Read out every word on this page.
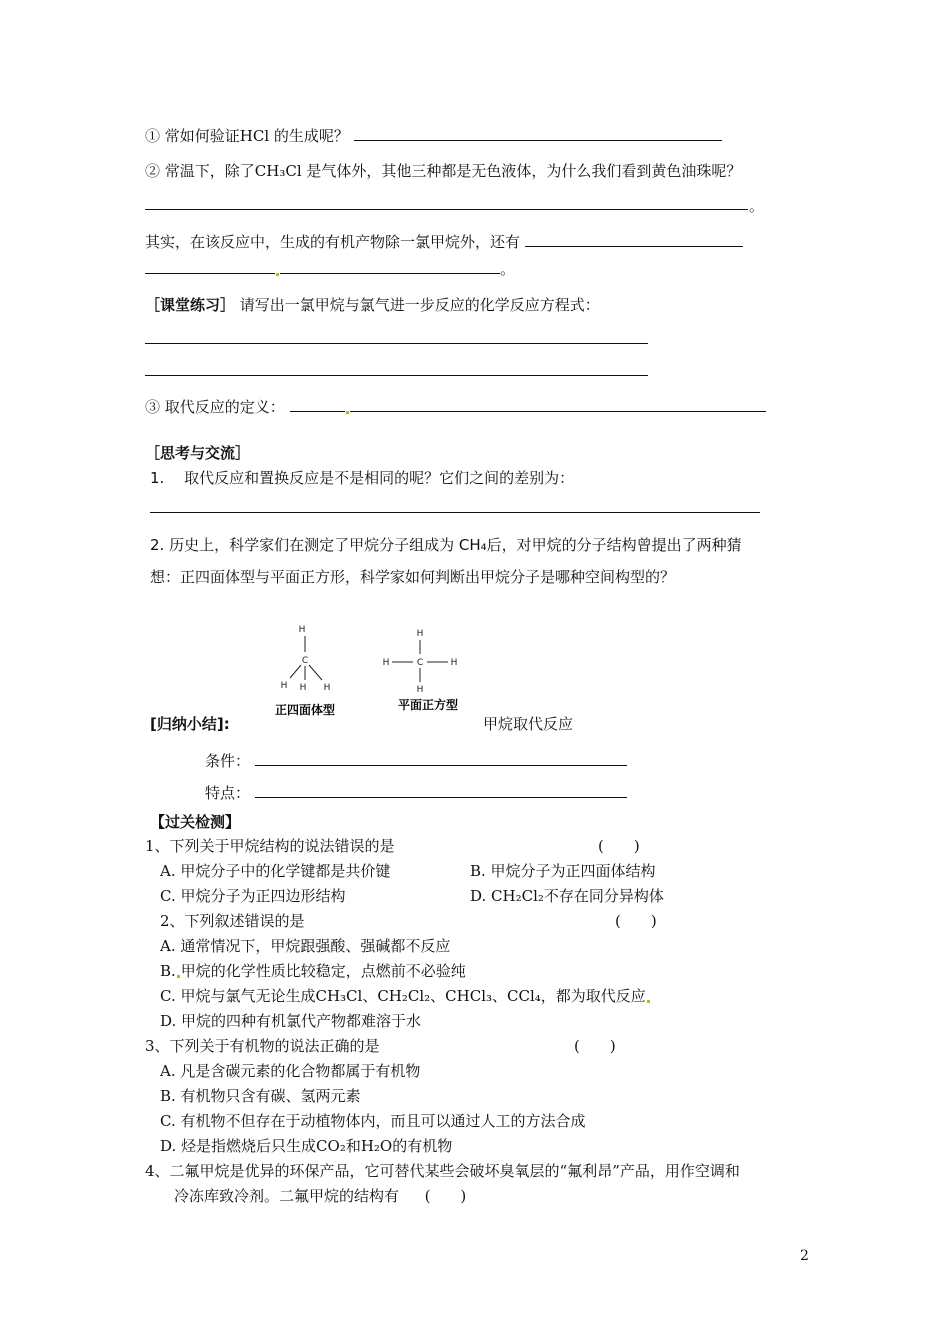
① 常如何验证HCl 的生成呢？
② 常温下，除了CH₃Cl 是气体外，其他三种都是无色液体，为什么我们看到黄色油珠呢？
。
其实，在该反应中，生成的有机产物除一氯甲烷外，还有
。
［课堂练习］ 请写出一氯甲烷与氯气进一步反应的化学反应方程式：
③ 取代反应的定义：
［思考与交流］
1.　 取代反应和置换反应是不是相同的呢？它们之间的差别为：
2. 历史上，科学家们在测定了甲烷分子组成为 CH₄后，对甲烷的分子结构曾提出了两种猜
想：正四面体型与平面正方形，科学家如何判断出甲烷分子是哪种空间构型的？
H
C
H H H
正四面体型
H
H	C	H
H
平面正方型
[归纳小结]:	甲烷取代反应
条件：
特点：
【过关检测】
1、下列关于甲烷结构的说法错误的是	(　　)
A. 甲烷分子中的化学键都是共价键	B. 甲烷分子为正四面体结构
C. 甲烷分子为正四边形结构	D. CH₂Cl₂不存在同分异构体
2、下列叙述错误的是	(　　)
A. 通常情况下，甲烷跟强酸、强碱都不反应
B. 甲烷的化学性质比较稳定，点燃前不必验纯
C. 甲烷与氯气无论生成CH₃Cl、CH₂Cl₂、CHCl₃、CCl₄，都为取代反应
D. 甲烷的四种有机氯代产物都难溶于水
3、下列关于有机物的说法正确的是	(　　)
A. 凡是含碳元素的化合物都属于有机物
B. 有机物只含有碳、氢两元素
C. 有机物不但存在于动植物体内，而且可以通过人工的方法合成
D. 烃是指燃烧后只生成CO₂和H₂O的有机物
4、二氟甲烷是优异的环保产品，它可替代某些会破坏臭氧层的“氟利昂”产品，用作空调和
冷冻库致冷剂。二氟甲烷的结构有 (　　)
2
